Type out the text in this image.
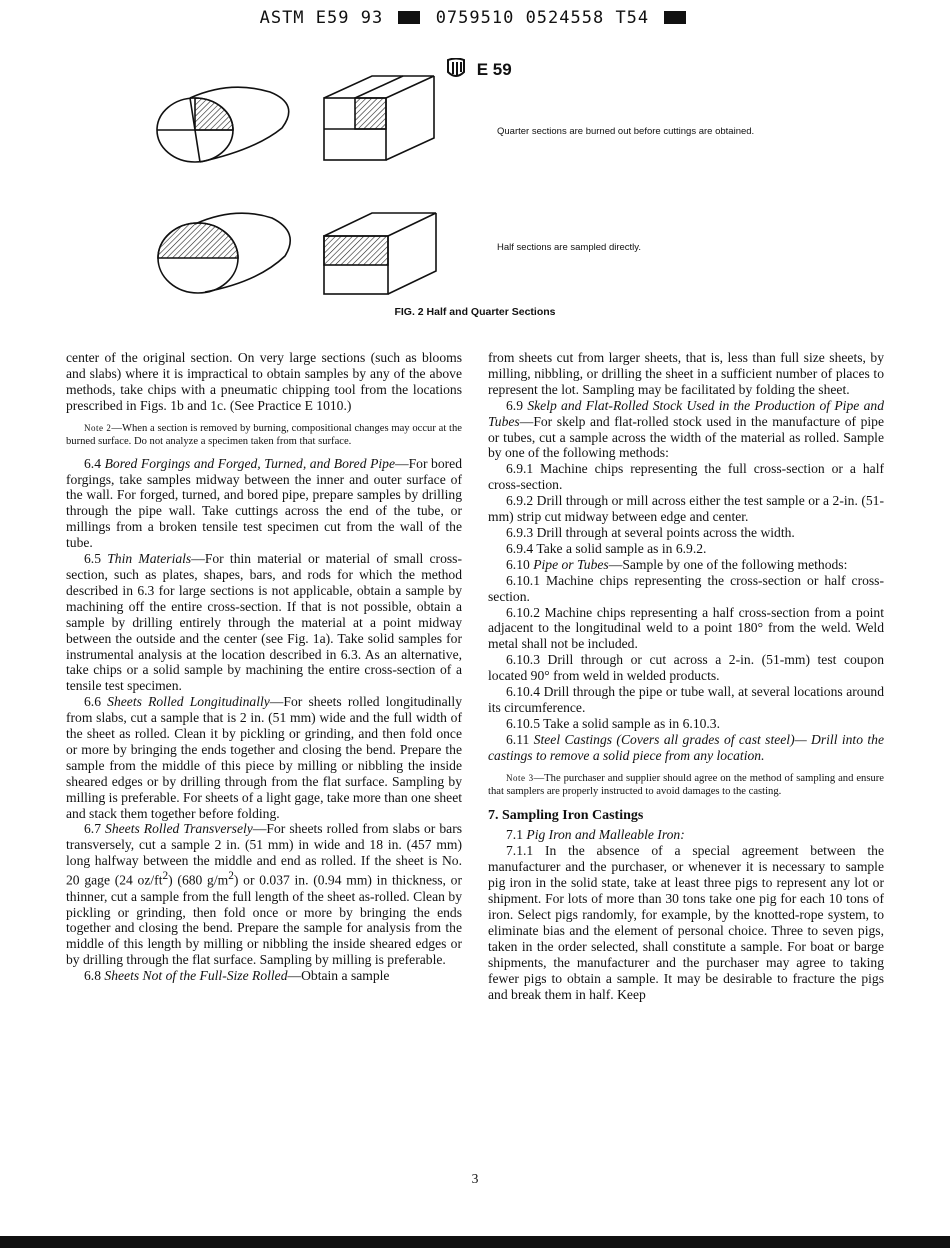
ASTM E59 93	0759510 0524558 T54
E 59
Quarter sections are burned out before cuttings are obtained.
Half sections are sampled directly.
FIG. 2 Half and Quarter Sections

center of the original section. On very large sections (such as blooms and slabs) where it is impractical to obtain samples by any of the above methods, take chips with a pneumatic chipping tool from the locations prescribed in Figs. 1b and 1c. (See Practice E 1010.)

Note 2—When a section is removed by burning, compositional changes may occur at the burned surface. Do not analyze a specimen taken from that surface.

6.4 Bored Forgings and Forged, Turned, and Bored Pipe—For bored forgings, take samples midway between the inner and outer surface of the wall. For forged, turned, and bored pipe, prepare samples by drilling through the pipe wall. Take cuttings across the end of the tube, or millings from a broken tensile test specimen cut from the wall of the tube.

6.5 Thin Materials—For thin material or material of small cross-section, such as plates, shapes, bars, and rods for which the method described in 6.3 for large sections is not applicable, obtain a sample by machining off the entire cross-section. If that is not possible, obtain a sample by drilling entirely through the material at a point midway between the outside and the center (see Fig. 1a). Take solid samples for instrumental analysis at the location described in 6.3. As an alternative, take chips or a solid sample by machining the entire cross-section of a tensile test specimen.

6.6 Sheets Rolled Longitudinally—For sheets rolled longitudinally from slabs, cut a sample that is 2 in. (51 mm) wide and the full width of the sheet as rolled. Clean it by pickling or grinding, and then fold once or more by bringing the ends together and closing the bend. Prepare the sample from the middle of this piece by milling or nibbling the inside sheared edges or by drilling through from the flat surface. Sampling by milling is preferable. For sheets of a light gage, take more than one sheet and stack them together before folding.

6.7 Sheets Rolled Transversely—For sheets rolled from slabs or bars transversely, cut a sample 2 in. (51 mm) in wide and 18 in. (457 mm) long halfway between the middle and end as rolled. If the sheet is No. 20 gage (24 $oz/ft^2$) (680 $g/m^2$) or 0.037 in. (0.94 mm) in thickness, or thinner, cut a sample from the full length of the sheet as-rolled. Clean by pickling or grinding, then fold once or more by bringing the ends together and closing the bend. Prepare the sample for analysis from the middle of this length by milling or nibbling the inside sheared edges or by drilling through the flat surface. Sampling by milling is preferable.

6.8 Sheets Not of the Full-Size Rolled—Obtain a sample

from sheets cut from larger sheets, that is, less than full size sheets, by milling, nibbling, or drilling the sheet in a sufficient number of places to represent the lot. Sampling may be facilitated by folding the sheet.

6.9 Skelp and Flat-Rolled Stock Used in the Production of Pipe and Tubes—For skelp and flat-rolled stock used in the manufacture of pipe or tubes, cut a sample across the width of the material as rolled. Sample by one of the following methods:

6.9.1 Machine chips representing the full cross-section or a half cross-section.

6.9.2 Drill through or mill across either the test sample or a 2-in. (51-mm) strip cut midway between edge and center.

6.9.3 Drill through at several points across the width.

6.9.4 Take a solid sample as in 6.9.2.

6.10 Pipe or Tubes—Sample by one of the following methods:

6.10.1 Machine chips representing the cross-section or half cross-section.

6.10.2 Machine chips representing a half cross-section from a point adjacent to the longitudinal weld to a point 180° from the weld. Weld metal shall not be included.

6.10.3 Drill through or cut across a 2-in. (51-mm) test coupon located 90° from weld in welded products.

6.10.4 Drill through the pipe or tube wall, at several locations around its circumference.

6.10.5 Take a solid sample as in 6.10.3.

6.11 Steel Castings (Covers all grades of cast steel)— Drill into the castings to remove a solid piece from any location.

Note 3—The purchaser and supplier should agree on the method of sampling and ensure that samplers are properly instructed to avoid damages to the casting.

7. Sampling Iron Castings

7.1 Pig Iron and Malleable Iron:

7.1.1 In the absence of a special agreement between the manufacturer and the purchaser, or whenever it is necessary to sample pig iron in the solid state, take at least three pigs to represent any lot or shipment. For lots of more than 30 tons take one pig for each 10 tons of iron. Select pigs randomly, for example, by the knotted-rope system, to eliminate bias and the element of personal choice. Three to seven pigs, taken in the order selected, shall constitute a sample. For boat or barge shipments, the manufacturer and the purchaser may agree to taking fewer pigs to obtain a sample. It may be desirable to fracture the pigs and break them in half. Keep

3
